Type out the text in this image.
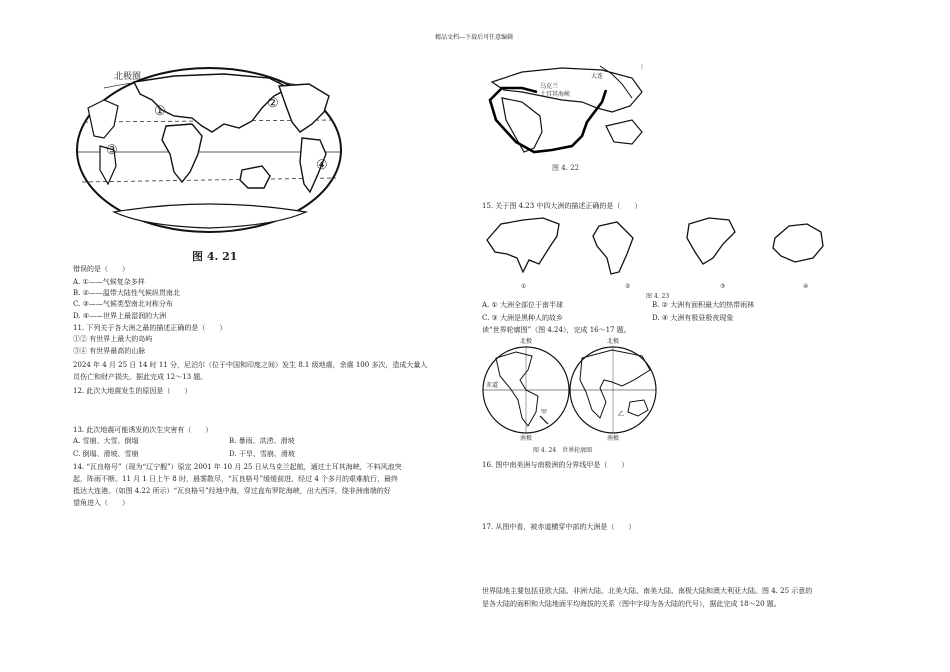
精品文档---下载后可任意编辑
北极圈
①
②
③
④
图 4. 21
错误的是（　　）
A. ①——气候复杂多样
B. ②——温带大陆性气候纵贯南北
C. ③——气候类型南北对称分布
D. ④——世界上最湿润的大洲
11. 下列关于各大洲之最的描述正确的是（　　）
①② 有世界上最大的岛屿
③④ 有世界最高的山脉
2024 年 4 月 25 日 14 时 11 分，尼泊尔（位于中国和印度之间）发生 8.1 级地震，余震 100 多次，造成大量人
员伤亡和财产损失。据此完成 12～13 题。
12. 此次大地震发生的原因是（　　）
13. 此次地震可能诱发的次生灾害有（　　）
A. 雪崩、大雪、倒塌	B. 暴雨、洪涝、滑坡
C. 倒塌、滑坡、雪崩	D. 干旱、雪崩、滑坡
14. “瓦良格号”（现为“辽宁舰”）原定 2001 年 10 月 25 日从乌克兰起航，通过土耳其海峡，不料风浪突
起，阵雨不断。11 月 1 日上午 8 时，晨雾散尽，“瓦良格号”缓缓前进，经过 4 个多月的艰难航行，最终
抵达大连港。（如图 4.22 所示）“瓦良格号”经地中海，穿过直布罗陀海峡，出大西洋，绕非洲南端的好
望角进入（　　）
乌克兰
土耳其海峡
大连
图 4. 22
15. 关于图 4.23 中四大洲的描述正确的是（　　）
①	②	③	④
图 4. 23
A. ① 大洲全部位于南半球	B. ② 大洲有面积最大的热带雨林
C. ③ 大洲是黑种人的故乡	D. ④ 大洲有极昼极夜现象
读“世界轮廓图”（图 4.24），完成 16～17 题。
北极	北极
赤道
甲	乙
南极	南极
图 4. 24　世界轮廓图
16. 图中南美洲与南极洲的分界线甲是（　　）
17. 从图中看，被赤道横穿中部的大洲是（　　）
世界陆地主要包括亚欧大陆、非洲大陆、北美大陆、南美大陆、南极大陆和澳大利亚大陆。图 4. 25 示意的
是各大陆的面积和大陆地面平均海拔的关系（图中字母为各大陆的代号），据此完成 18～20 题。
